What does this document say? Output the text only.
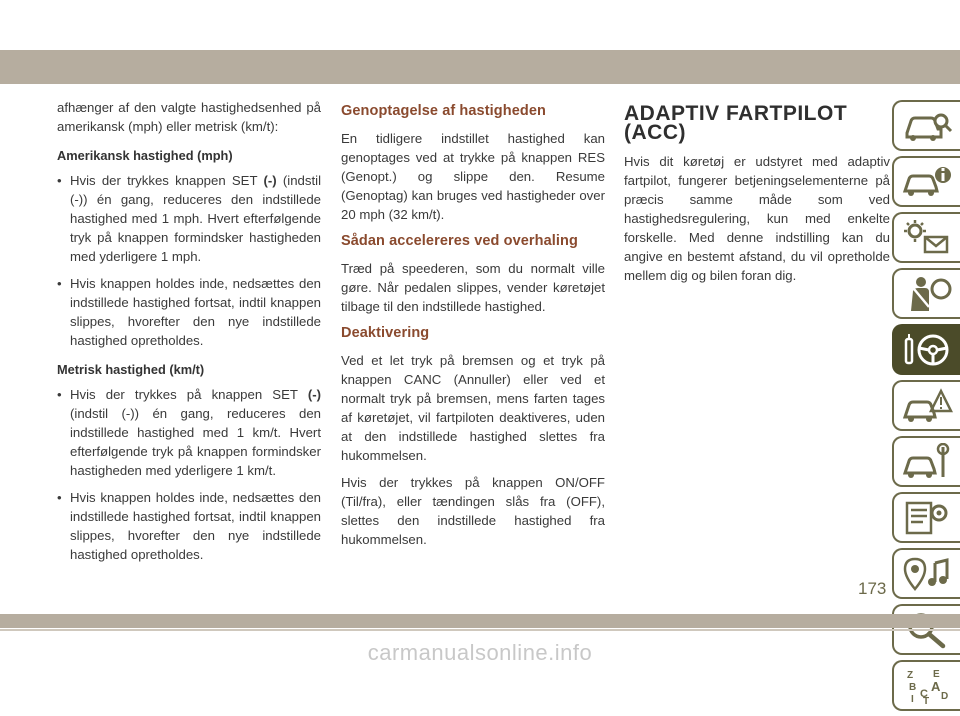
afhænger af den valgte hastighedsenhed på amerikansk (mph) eller metrisk (km/t):

Amerikansk hastighed (mph)
• Hvis der trykkes knappen SET (-) (indstil (-)) én gang, reduceres den indstillede hastighed med 1 mph. Hvert efterfølgende tryk på knappen formindsker hastigheden med yderligere 1 mph.
• Hvis knappen holdes inde, nedsættes den indstillede hastighed fortsat, indtil knappen slippes, hvorefter den nye indstillede hastighed opretholdes.
Metrisk hastighed (km/t)
• Hvis der trykkes på knappen SET (-) (indstil (-)) én gang, reduceres den indstillede hastighed med 1 km/t. Hvert efterfølgende tryk på knappen formindsker hastigheden med yderligere 1 km/t.
• Hvis knappen holdes inde, nedsættes den indstillede hastighed fortsat, indtil knappen slippes, hvorefter den nye indstillede hastighed opretholdes.
Genoptagelse af hastigheden

En tidligere indstillet hastighed kan genoptages ved at trykke på knappen RES (Genopt.) og slippe den. Resume (Genoptag) kan bruges ved hastigheder over 20 mph (32 km/t).

Sådan accelereres ved overhaling

Træd på speederen, som du normalt ville gøre. Når pedalen slippes, vender køretøjet tilbage til den indstillede hastighed.

Deaktivering

Ved et let tryk på bremsen og et tryk på knappen CANC (Annuller) eller ved et normalt tryk på bremsen, mens farten tages af køretøjet, vil fartpiloten deaktiveres, uden at den indstillede hastighed slettes fra hukommelsen.

Hvis der trykkes på knappen ON/OFF (Til/fra), eller tændingen slås fra (OFF), slettes den indstillede hastighed fra hukommelsen.

ADAPTIV FARTPILOT (ACC)

Hvis dit køretøj er udstyret med adaptiv fartpilot, fungerer betjeningselementerne på præcis samme måde som ved hastighedsregulering, kun med enkelte forskelle. Med denne indstilling kan du angive en bestemt afstand, du vil opretholde mellem dig og bilen foran dig.

Z E
B A
I C D
T
173
carmanualsonline.info
